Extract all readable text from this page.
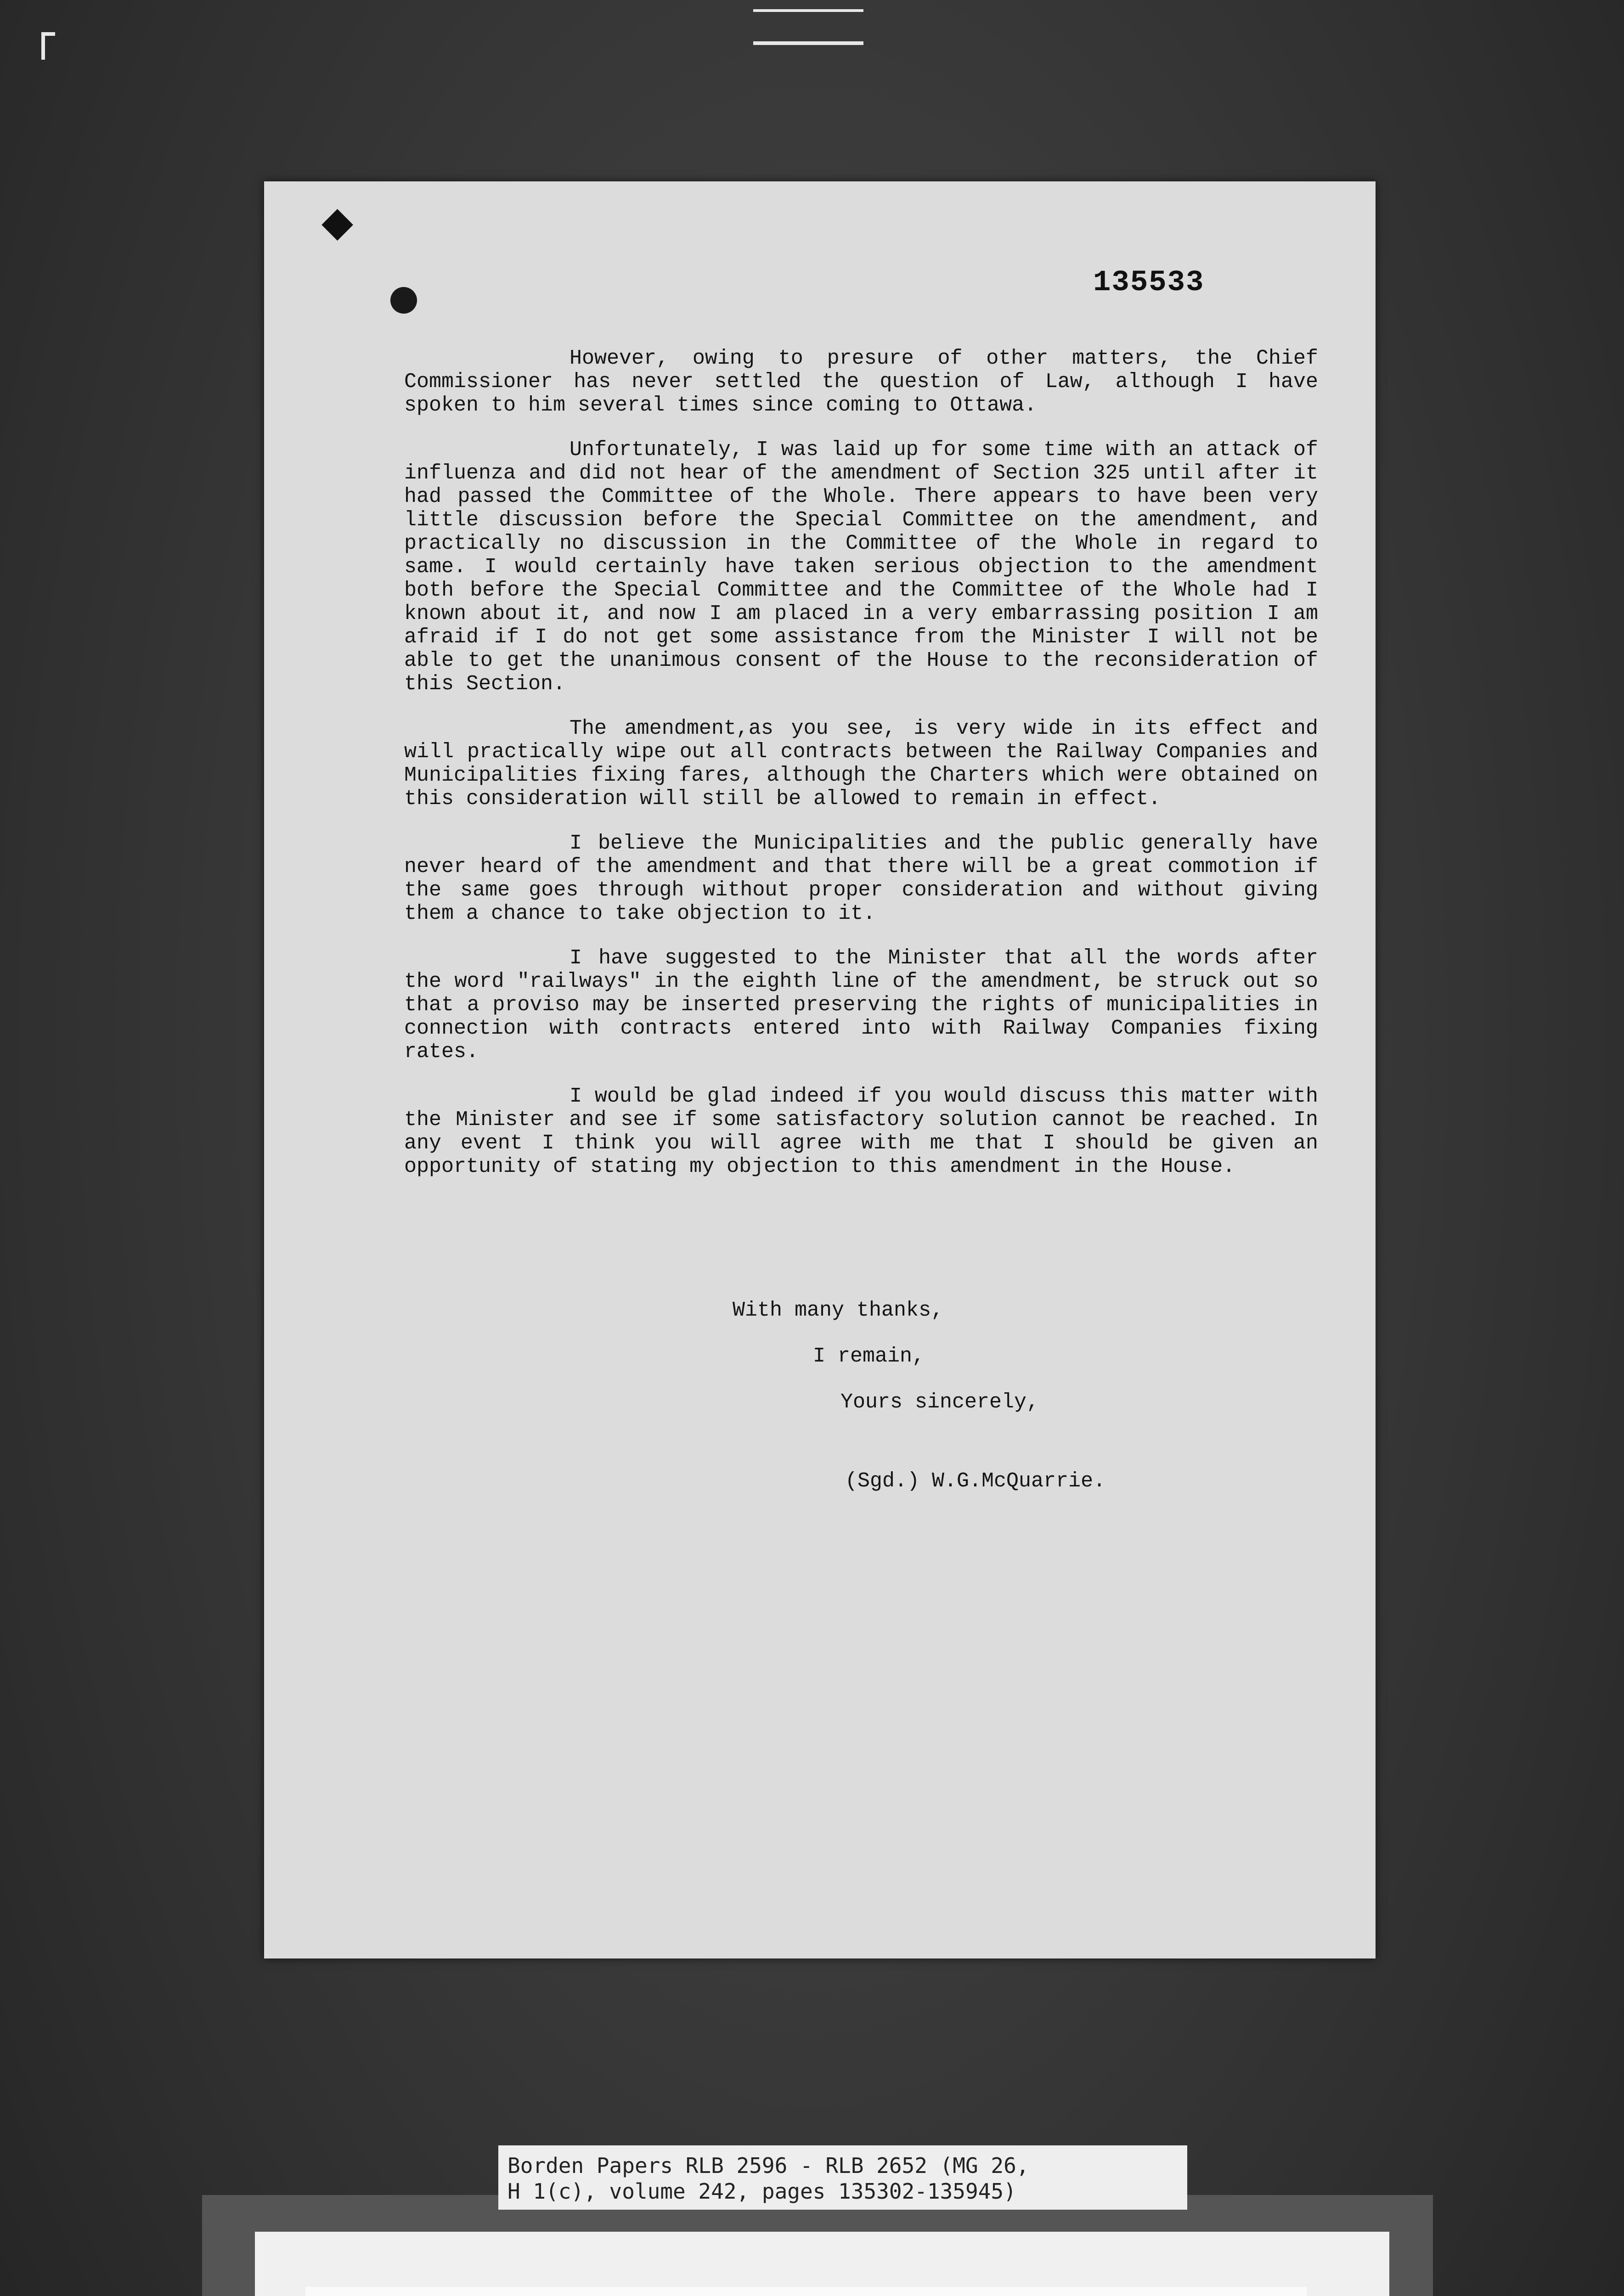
◆
135533

However, owing to presure of other matters, the Chief Commissioner has never settled the question of Law, although I have spoken to him several times since coming to Ottawa.

Unfortunately, I was laid up for some time with an attack of influenza and did not hear of the amendment of Section 325 until after it had passed the Committee of the Whole. There appears to have been very little discussion before the Special Committee on the amendment, and practically no discussion in the Committee of the Whole in regard to same. I would certainly have taken serious objection to the amendment both before the Special Committee and the Committee of the Whole had I known about it, and now I am placed in a very embarrassing position I am afraid if I do not get some assistance from the Minister I will not be able to get the unanimous consent of the House to the reconsideration of this Section.

The amendment,as you see, is very wide in its effect and will practically wipe out all contracts between the Railway Companies and Municipalities fixing fares, although the Charters which were obtained on this consideration will still be allowed to remain in effect.

I believe the Municipalities and the public generally have never heard of the amendment and that there will be a great commotion if the same goes through without proper consideration and without giving them a chance to take objection to it.

I have suggested to the Minister that all the words after the word "railways" in the eighth line of the amendment, be struck out so that a proviso may be inserted preserving the rights of municipalities in connection with contracts entered into with Railway Companies fixing rates.

I would be glad indeed if you would discuss this matter with the Minister and see if some satisfactory solution cannot be reached. In any event I think you will agree with me that I should be given an opportunity of stating my objection to this amendment in the House.

With many thanks,
I remain,
Yours sincerely,
(Sgd.) W.G.McQuarrie.
Borden Papers RLB 2596 - RLB 2652 (MG 26,
H 1(c), volume 242, pages 135302-135945)
